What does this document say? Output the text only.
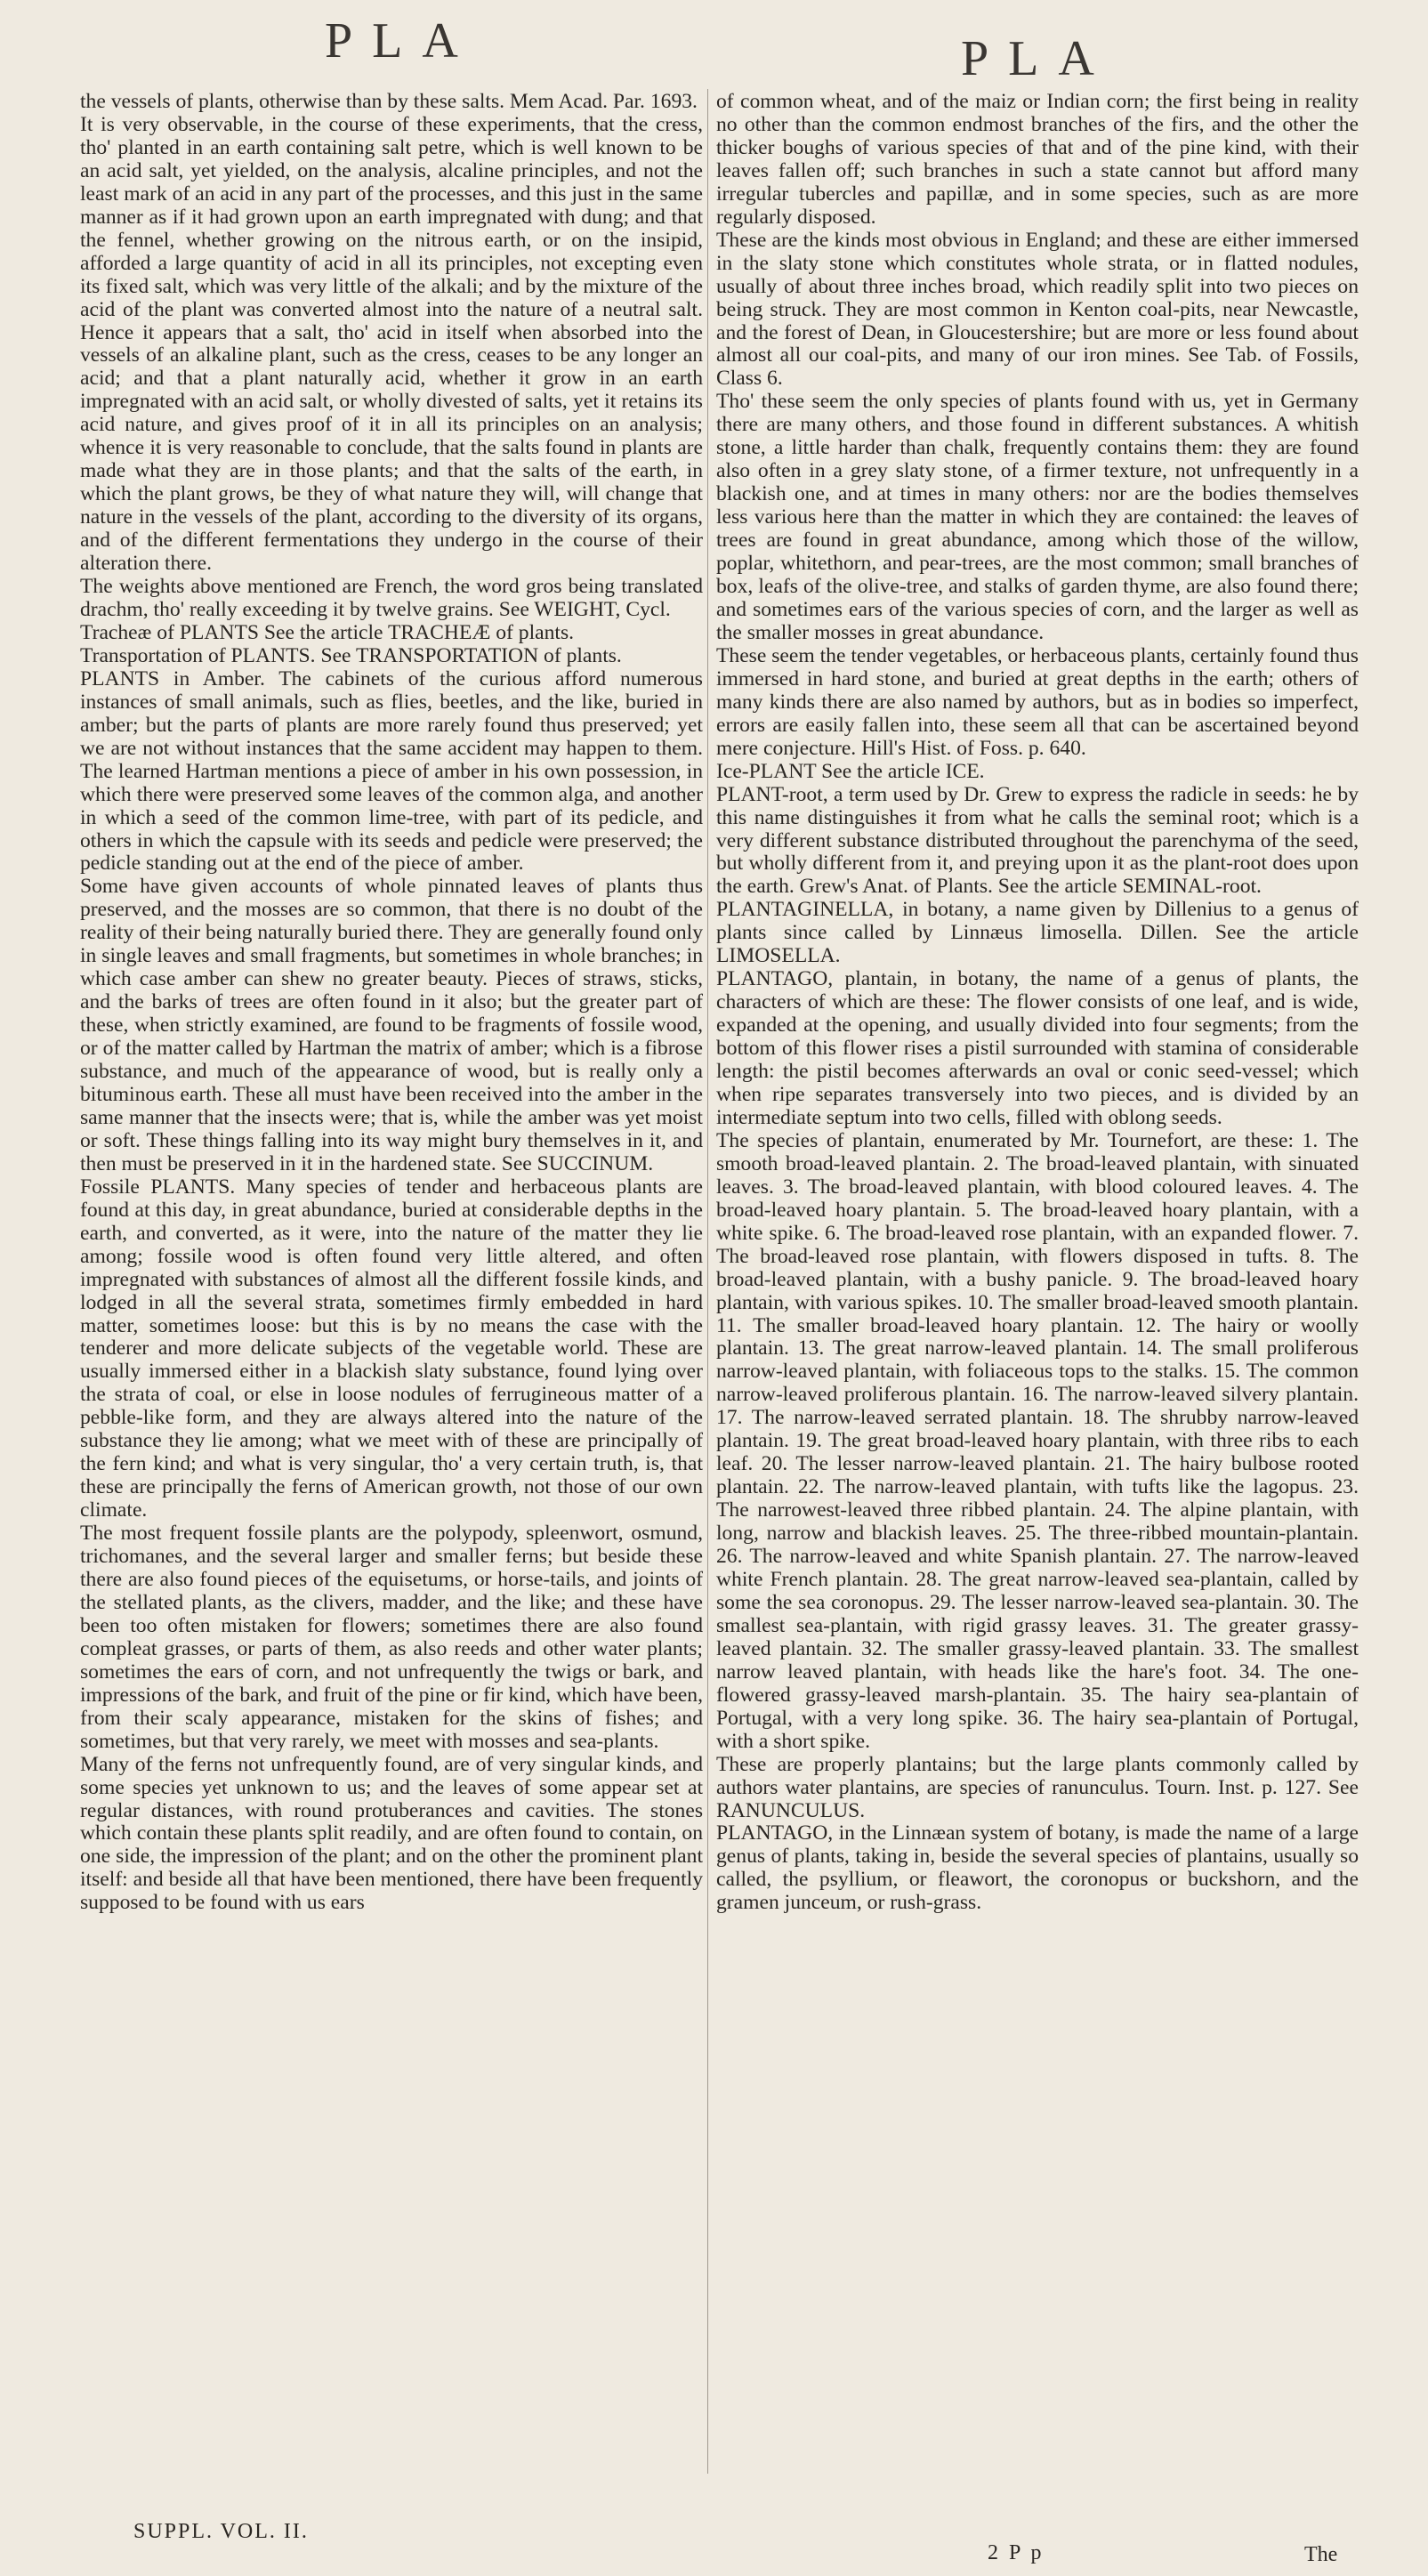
PLA	PLA

the vessels of plants, otherwise than by these salts. Mem Acad. Par. 1693.

It is very observable, in the course of these experiments, that the cress, tho' planted in an earth containing salt petre, which is well known to be an acid salt, yet yielded, on the analysis, alcaline principles, and not the least mark of an acid in any part of the processes, and this just in the same manner as if it had grown upon an earth impregnated with dung; and that the fennel, whether growing on the nitrous earth, or on the insipid, afforded a large quantity of acid in all its principles, not excepting even its fixed salt, which was very little of the alkali; and by the mixture of the acid of the plant was converted almost into the nature of a neutral salt. Hence it appears that a salt, tho' acid in itself when absorbed into the vessels of an alkaline plant, such as the cress, ceases to be any longer an acid; and that a plant naturally acid, whether it grow in an earth impregnated with an acid salt, or wholly divested of salts, yet it retains its acid nature, and gives proof of it in all its principles on an analysis; whence it is very reasonable to conclude, that the salts found in plants are made what they are in those plants; and that the salts of the earth, in which the plant grows, be they of what nature they will, will change that nature in the vessels of the plant, according to the diversity of its organs, and of the different fermentations they undergo in the course of their alteration there.

The weights above mentioned are French, the word gros being translated drachm, tho' really exceeding it by twelve grains. See WEIGHT, Cycl.

Tracheæ of PLANTS See the article TRACHEÆ of plants.

Transportation of PLANTS. See TRANSPORTATION of plants.

PLANTS in Amber. The cabinets of the curious afford numerous instances of small animals, such as flies, beetles, and the like, buried in amber; but the parts of plants are more rarely found thus preserved; yet we are not without instances that the same accident may happen to them. The learned Hartman mentions a piece of amber in his own possession, in which there were preserved some leaves of the common alga, and another in which a seed of the common lime-tree, with part of its pedicle, and others in which the capsule with its seeds and pedicle were preserved; the pedicle standing out at the end of the piece of amber.

Some have given accounts of whole pinnated leaves of plants thus preserved, and the mosses are so common, that there is no doubt of the reality of their being naturally buried there. They are generally found only in single leaves and small fragments, but sometimes in whole branches; in which case amber can shew no greater beauty. Pieces of straws, sticks, and the barks of trees are often found in it also; but the greater part of these, when strictly examined, are found to be fragments of fossile wood, or of the matter called by Hartman the matrix of amber; which is a fibrose substance, and much of the appearance of wood, but is really only a bituminous earth. These all must have been received into the amber in the same manner that the insects were; that is, while the amber was yet moist or soft. These things falling into its way might bury themselves in it, and then must be preserved in it in the hardened state. See SUCCINUM.

Fossile PLANTS. Many species of tender and herbaceous plants are found at this day, in great abundance, buried at considerable depths in the earth, and converted, as it were, into the nature of the matter they lie among; fossile wood is often found very little altered, and often impregnated with substances of almost all the different fossile kinds, and lodged in all the several strata, sometimes firmly embedded in hard matter, sometimes loose: but this is by no means the case with the tenderer and more delicate subjects of the vegetable world. These are usually immersed either in a blackish slaty substance, found lying over the strata of coal, or else in loose nodules of ferrugineous matter of a pebble-like form, and they are always altered into the nature of the substance they lie among; what we meet with of these are principally of the fern kind; and what is very singular, tho' a very certain truth, is, that these are principally the ferns of American growth, not those of our own climate.

The most frequent fossile plants are the polypody, spleenwort, osmund, trichomanes, and the several larger and smaller ferns; but beside these there are also found pieces of the equisetums, or horse-tails, and joints of the stellated plants, as the clivers, madder, and the like; and these have been too often mistaken for flowers; sometimes there are also found compleat grasses, or parts of them, as also reeds and other water plants; sometimes the ears of corn, and not unfrequently the twigs or bark, and impressions of the bark, and fruit of the pine or fir kind, which have been, from their scaly appearance, mistaken for the skins of fishes; and sometimes, but that very rarely, we meet with mosses and sea-plants.

Many of the ferns not unfrequently found, are of very singular kinds, and some species yet unknown to us; and the leaves of some appear set at regular distances, with round protuberances and cavities. The stones which contain these plants split readily, and are often found to contain, on one side, the impression of the plant; and on the other the prominent plant itself: and beside all that have been mentioned, there have been frequently supposed to be found with us ears

of common wheat, and of the maiz or Indian corn; the first being in reality no other than the common endmost branches of the firs, and the other the thicker boughs of various species of that and of the pine kind, with their leaves fallen off; such branches in such a state cannot but afford many irregular tubercles and papillæ, and in some species, such as are more regularly disposed.

These are the kinds most obvious in England; and these are either immersed in the slaty stone which constitutes whole strata, or in flatted nodules, usually of about three inches broad, which readily split into two pieces on being struck. They are most common in Kenton coal-pits, near Newcastle, and the forest of Dean, in Gloucestershire; but are more or less found about almost all our coal-pits, and many of our iron mines. See Tab. of Fossils, Class 6.

Tho' these seem the only species of plants found with us, yet in Germany there are many others, and those found in different substances. A whitish stone, a little harder than chalk, frequently contains them: they are found also often in a grey slaty stone, of a firmer texture, not unfrequently in a blackish one, and at times in many others: nor are the bodies themselves less various here than the matter in which they are contained: the leaves of trees are found in great abundance, among which those of the willow, poplar, whitethorn, and pear-trees, are the most common; small branches of box, leafs of the olive-tree, and stalks of garden thyme, are also found there; and sometimes ears of the various species of corn, and the larger as well as the smaller mosses in great abundance.

These seem the tender vegetables, or herbaceous plants, certainly found thus immersed in hard stone, and buried at great depths in the earth; others of many kinds there are also named by authors, but as in bodies so imperfect, errors are easily fallen into, these seem all that can be ascertained beyond mere conjecture. Hill's Hist. of Foss. p. 640.

Ice-PLANT See the article ICE.

PLANT-root, a term used by Dr. Grew to express the radicle in seeds: he by this name distinguishes it from what he calls the seminal root; which is a very different substance distributed throughout the parenchyma of the seed, but wholly different from it, and preying upon it as the plant-root does upon the earth. Grew's Anat. of Plants. See the article SEMINAL-root.

PLANTAGINELLA, in botany, a name given by Dillenius to a genus of plants since called by Linnæus limosella. Dillen. See the article LIMOSELLA.

PLANTAGO, plantain, in botany, the name of a genus of plants, the characters of which are these: The flower consists of one leaf, and is wide, expanded at the opening, and usually divided into four segments; from the bottom of this flower rises a pistil surrounded with stamina of considerable length: the pistil becomes afterwards an oval or conic seed-vessel; which when ripe separates transversely into two pieces, and is divided by an intermediate septum into two cells, filled with oblong seeds.

The species of plantain, enumerated by Mr. Tournefort, are these: 1. The smooth broad-leaved plantain. 2. The broad-leaved plantain, with sinuated leaves. 3. The broad-leaved plantain, with blood coloured leaves. 4. The broad-leaved hoary plantain. 5. The broad-leaved hoary plantain, with a white spike. 6. The broad-leaved rose plantain, with an expanded flower. 7. The broad-leaved rose plantain, with flowers disposed in tufts. 8. The broad-leaved plantain, with a bushy panicle. 9. The broad-leaved hoary plantain, with various spikes. 10. The smaller broad-leaved smooth plantain. 11. The smaller broad-leaved hoary plantain. 12. The hairy or woolly plantain. 13. The great narrow-leaved plantain. 14. The small proliferous narrow-leaved plantain, with foliaceous tops to the stalks. 15. The common narrow-leaved proliferous plantain. 16. The narrow-leaved silvery plantain. 17. The narrow-leaved serrated plantain. 18. The shrubby narrow-leaved plantain. 19. The great broad-leaved hoary plantain, with three ribs to each leaf. 20. The lesser narrow-leaved plantain. 21. The hairy bulbose rooted plantain. 22. The narrow-leaved plantain, with tufts like the lagopus. 23. The narrowest-leaved three ribbed plantain. 24. The alpine plantain, with long, narrow and blackish leaves. 25. The three-ribbed mountain-plantain. 26. The narrow-leaved and white Spanish plantain. 27. The narrow-leaved white French plantain. 28. The great narrow-leaved sea-plantain, called by some the sea coronopus. 29. The lesser narrow-leaved sea-plantain. 30. The smallest sea-plantain, with rigid grassy leaves. 31. The greater grassy-leaved plantain. 32. The smaller grassy-leaved plantain. 33. The smallest narrow leaved plantain, with heads like the hare's foot. 34. The one-flowered grassy-leaved marsh-plantain. 35. The hairy sea-plantain of Portugal, with a very long spike. 36. The hairy sea-plantain of Portugal, with a short spike.

These are properly plantains; but the large plants commonly called by authors water plantains, are species of ranunculus. Tourn. Inst. p. 127. See RANUNCULUS.

PLANTAGO, in the Linnæan system of botany, is made the name of a large genus of plants, taking in, beside the several species of plantains, usually so called, the psyllium, or fleawort, the coronopus or buckshorn, and the gramen junceum, or rush-grass.

SUPPL. VOL. II.
2 P p	The
